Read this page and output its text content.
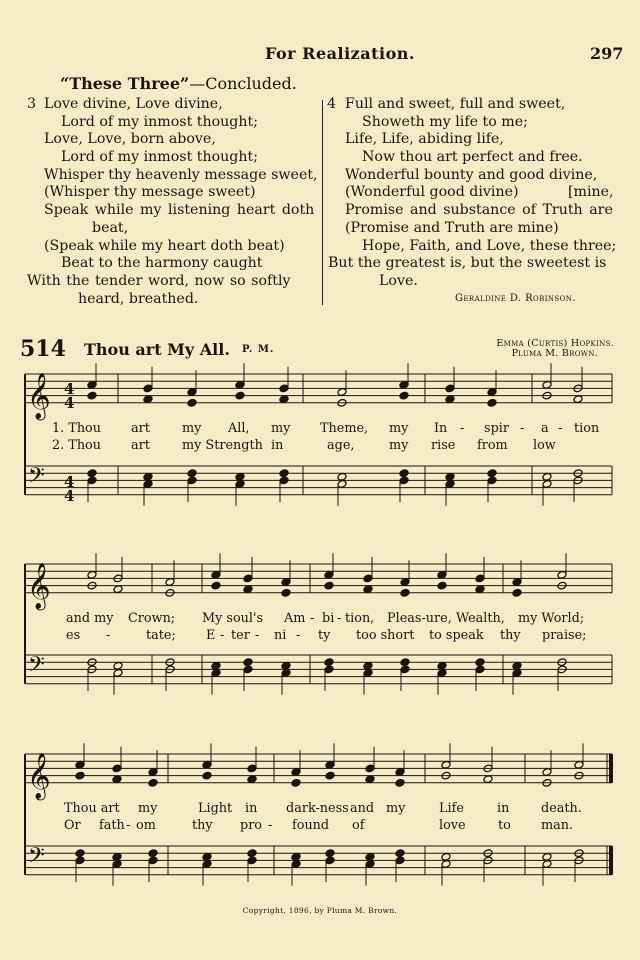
For Realization.	297
“These Three”—Concluded.
3 Love divine, Love divine,
Lord of my inmost thought;
Love, Love, born above,
Lord of my inmost thought;
Whisper thy heavenly message sweet,
(Whisper thy message sweet)
Speak while my listening heart doth
beat,
(Speak while my heart doth beat)
Beat to the harmony caught
With the tender word, now so softly
heard, breathed.
4 Full and sweet, full and sweet,
Showeth my life to me;
Life, Life, abiding life,
Now thou art perfect and free.
Wonderful bounty and good divine,
(Wonderful good divine)	[mine,
Promise and substance of Truth are
(Promise and Truth are mine)
Hope, Faith, and Love, these three;
But the greatest is, but the sweetest is
Love.
Geraldine D. Robinson.
514 Thou art My All. P. M.
Emma (Curtis) Hopkins.
Pluma M. Brown.
𝄞
𝄢
𝄞
𝄢
𝄞
𝄢
4
4
4
4
1. Thou art	my All, my Theme, my In - spir - a - tion
2. Thou art	my Strength in	age,	my rise from low
and my Crown; My soul's Am - bi - tion, Pleas-ure, Wealth, my World;
es -	tate; E - ter - ni - ty too short to speak thy praise;
Thou art my	Light in dark-ness and my	Life	in death.
Or fath - om	thy pro - found of	love	to man.
Copyright, 1896, by Pluma M. Brown.
